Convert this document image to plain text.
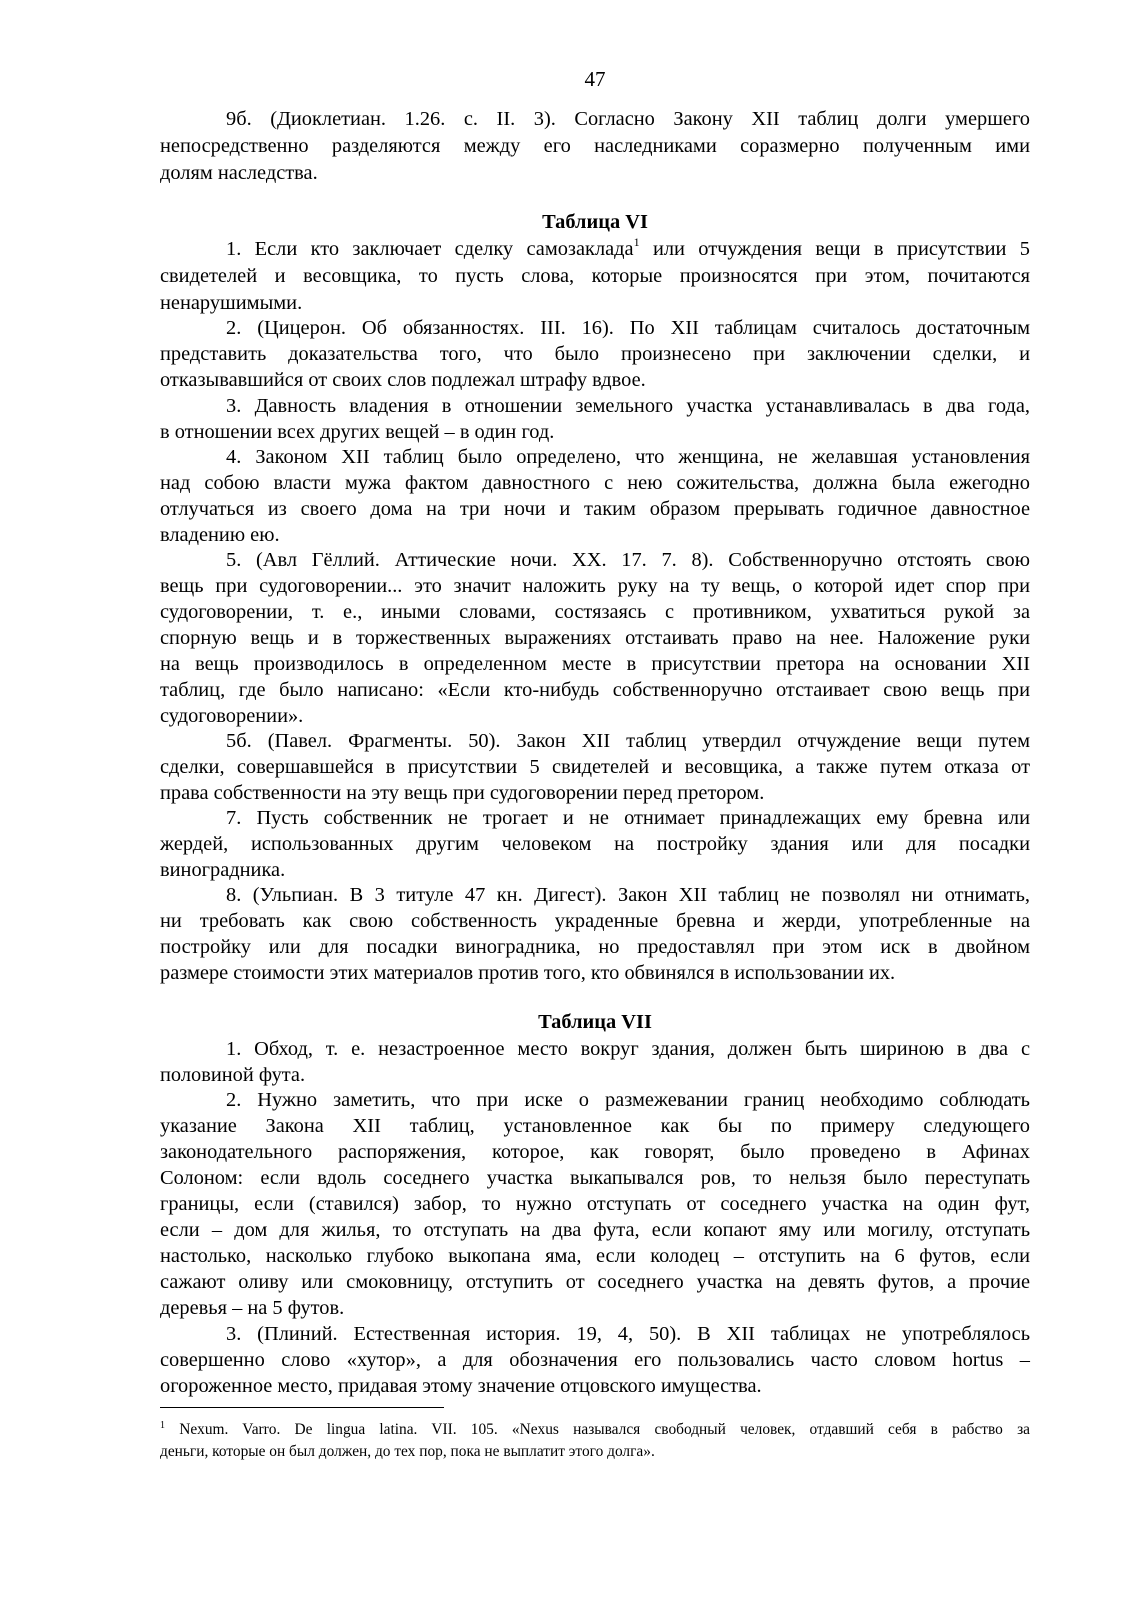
47
9б. (Диоклетиан. 1.26. с. II. 3). Согласно Закону XII таблиц долги умершего
непосредственно разделяются между его наследниками соразмерно полученным ими
долям наследства.
Таблица VI
1. Если кто заключает сделку самозаклада$^1$ или отчуждения вещи в присутствии 5
свидетелей и весовщика, то пусть слова, которые произносятся при этом, почитаются
ненарушимыми.
2. (Цицерон. Об обязанностях. III. 16). По XII таблицам считалось достаточным
представить доказательства того, что было произнесено при заключении сделки, и
отказывавшийся от своих слов подлежал штрафу вдвое.
3. Давность владения в отношении земельного участка устанавливалась в два года,
в отношении всех других вещей – в один год.
4. Законом XII таблиц было определено, что женщина, не желавшая установления
над собою власти мужа фактом давностного с нею сожительства, должна была ежегодно
отлучаться из своего дома на три ночи и таким образом прерывать годичное давностное
владению ею.
5. (Авл Гёллий. Аттические ночи. XX. 17. 7. 8). Собственноручно отстоять свою
вещь при судоговорении... это значит наложить руку на ту вещь, о которой идет спор при
судоговорении, т. е., иными словами, состязаясь с противником, ухватиться рукой за
спорную вещь и в торжественных выражениях отстаивать право на нее. Наложение руки
на вещь производилось в определенном месте в присутствии претора на основании XII
таблиц, где было написано: «Если кто-нибудь собственноручно отстаивает свою вещь при
судоговорении».
5б. (Павел. Фрагменты. 50). Закон XII таблиц утвердил отчуждение вещи путем
сделки, совершавшейся в присутствии 5 свидетелей и весовщика, а также путем отказа от
права собственности на эту вещь при судоговорении перед претором.
7. Пусть собственник не трогает и не отнимает принадлежащих ему бревна или
жердей, использованных другим человеком на постройку здания или для посадки
виноградника.
8. (Ульпиан. В 3 титуле 47 кн. Дигест). Закон XII таблиц не позволял ни отнимать,
ни требовать как свою собственность украденные бревна и жерди, употребленные на
постройку или для посадки виноградника, но предоставлял при этом иск в двойном
размере стоимости этих материалов против того, кто обвинялся в использовании их.
Таблица VII
1. Обход, т. е. незастроенное место вокруг здания, должен быть шириною в два с
половиной фута.
2. Нужно заметить, что при иске о размежевании границ необходимо соблюдать
указание Закона XII таблиц, установленное как бы по примеру следующего
законодательного распоряжения, которое, как говорят, было проведено в Афинах
Солоном: если вдоль соседнего участка выкапывался ров, то нельзя было переступать
границы, если (ставился) забор, то нужно отступать от соседнего участка на один фут,
если – дом для жилья, то отступать на два фута, если копают яму или могилу, отступать
настолько, насколько глубоко выкопана яма, если колодец – отступить на 6 футов, если
сажают оливу или смоковницу, отступить от соседнего участка на девять футов, а прочие
деревья – на 5 футов.
3. (Плиний. Естественная история. 19, 4, 50). В XII таблицах не употреблялось
совершенно слово «хутор», а для обозначения его пользовались часто словом hortus –
огороженное место, придавая этому значение отцовского имущества.
$^1$ Nexum. Varro. De lingua latina. VII. 105. «Nexus назывался свободный человек, отдавший себя в рабство за
деньги, которые он был должен, до тех пор, пока не выплатит этого долга».
